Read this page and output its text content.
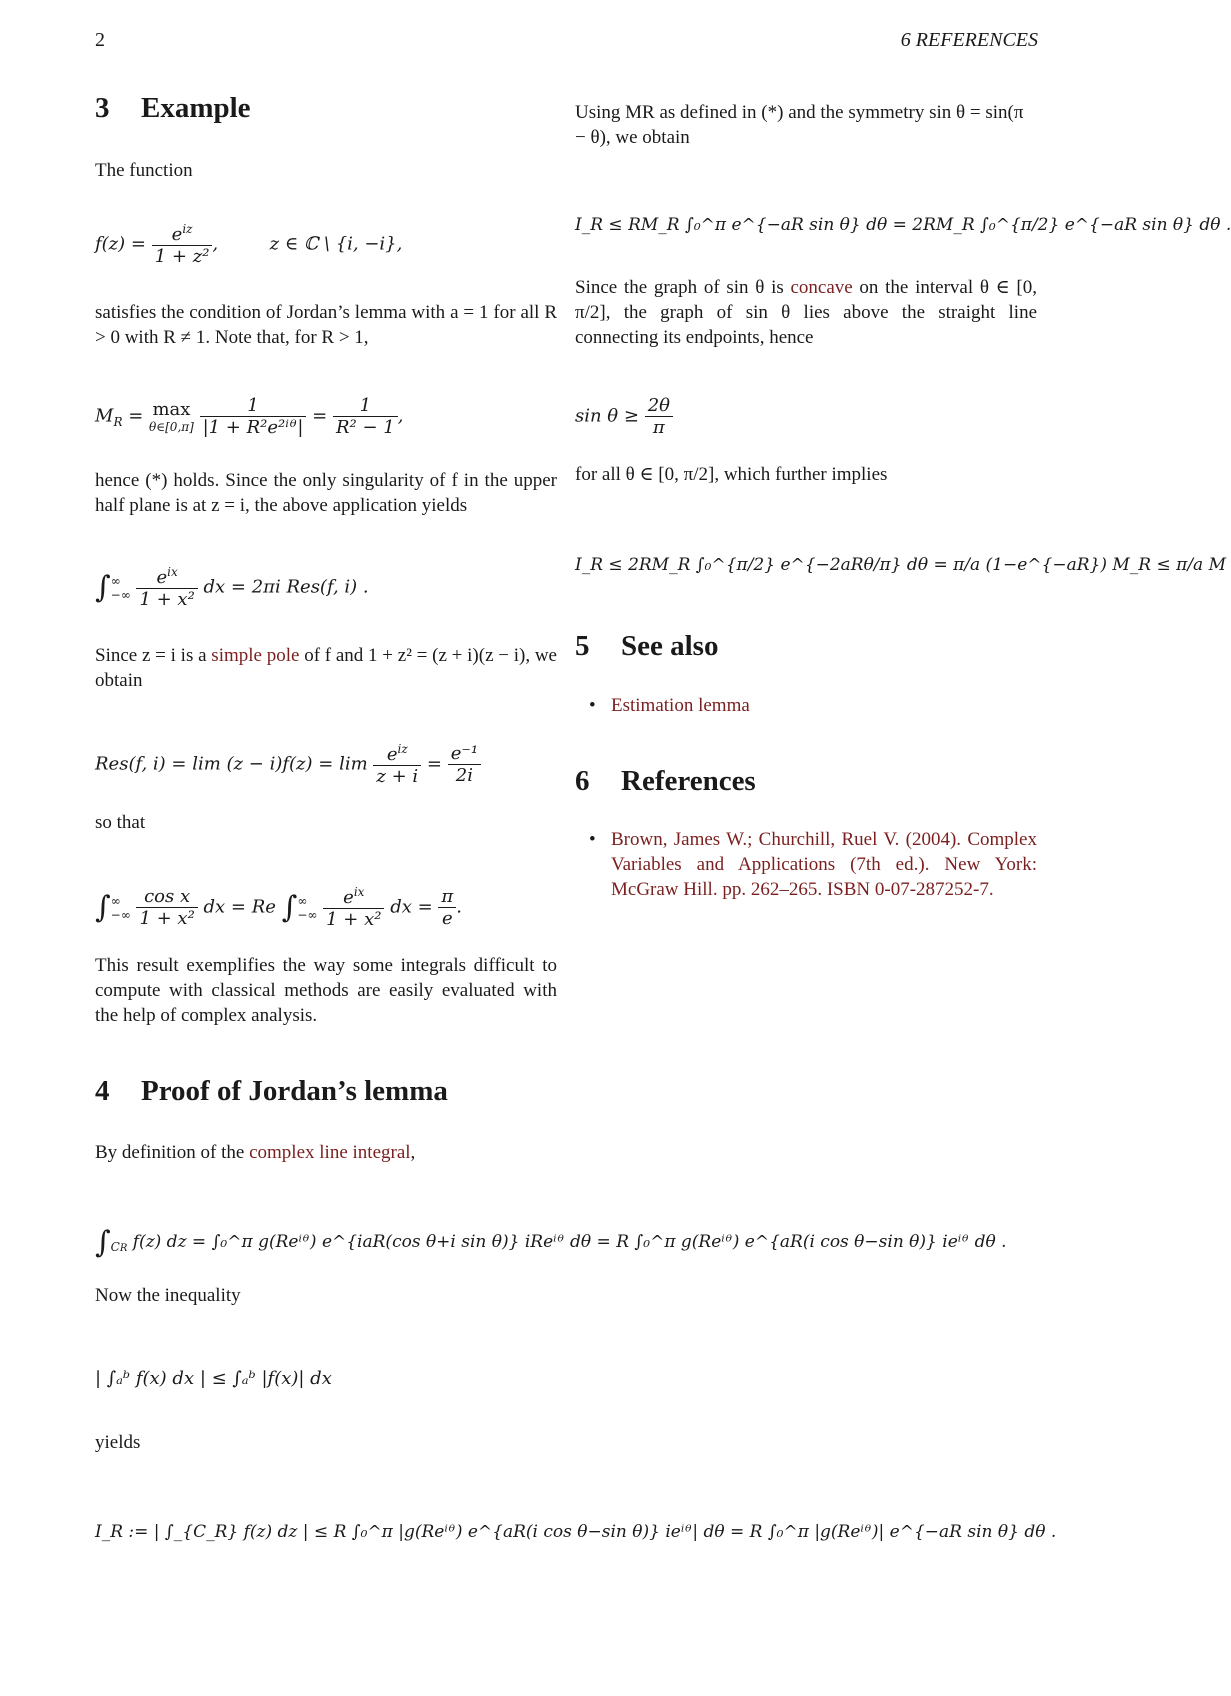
2	6 REFERENCES
3 Example
The function
$f(z) = \frac{e^{iz}}{\text{1 + z²}}$ ,	z ∈ ℂ \ {i, −i},
satisfies the condition of Jordan’s lemma with a = 1 for all R > 0 with R ≠ 1. Note that, for R > 1,
$M_R = \max$
θ∈[0,π]
$\frac{1}{\text{|1 + R²e²ⁱᶿ|}} = \frac{1}{\text{R² − 1}}$ ,
hence (*) holds. Since the only singularity of f in the upper half plane is at z = i, the above application yields
∫ ∞
−∞
$\frac{e^{ix}}{\text{1 + x²}}$ dx = 2πi Res(f, i) .
Since z = i is a simple pole of f and 1 + z² = (z + i)(z − i), we obtain
Res(f, $i) = \lim (z - i)f(z) = \lim \frac{e^{iz}}{z + i} = \frac{\text{e⁻¹}}{2i}$
so that
∫ ∞
−∞
$\frac{\text{cos x}}{\text{1 + x²}}$ dx = Re ∫ ∞
−∞
$\frac{e^{ix}}{\text{1 + x²}}$ dx = $\frac{\pi}{e}$ .
This result exemplifies the way some integrals difficult to compute with classical methods are easily evaluated with the help of complex analysis.
4 Proof of Jordan’s lemma
By definition of the complex line integral,
$\int_{CR}$ f(z) dz = ∫₀^π g(Reⁱᶿ) e^{iaR(cos θ+i sin θ)} iReⁱᶿ dθ = R ∫₀^π g(Reⁱᶿ) e^{aR(i cos θ−sin θ)} ieⁱᶿ dθ .
Now the inequality
| ∫ₐᵇ f(x) dx | ≤ ∫ₐᵇ |f(x)| dx
yields
I_R := | ∫_{C_R} f(z) dz | ≤ R ∫₀^π |g(Reⁱᶿ) e^{aR(i cos θ−sin θ)} ieⁱᶿ| dθ = R ∫₀^π |g(Reⁱᶿ)| e^{−aR sin θ} dθ .
Using MR as defined in (*) and the symmetry sin θ = sin(π − θ), we obtain
I_R ≤ RM_R ∫₀^π e^{−aR sin θ} dθ = 2RM_R ∫₀^{π/2} e^{−aR sin θ} dθ .
Since the graph of sin θ is concave on the interval θ ∈ [0, π/2], the graph of sin θ lies above the straight line connecting its endpoints, hence
$\sin \theta \ge \frac{2\theta}{\pi}$
for all θ ∈ [0, π/2], which further implies
I_R ≤ 2RM_R ∫₀^{π/2} e^{−2aRθ/π} dθ = π/a (1−e^{−aR}) M_R ≤ π/a M
5 See also
• Estimation lemma
6 References
• Brown, James W.; Churchill, Ruel V. (2004). Complex Variables and Applications (7th ed.). New York: McGraw Hill. pp. 262–265. ISBN 0-07-287252-7.
